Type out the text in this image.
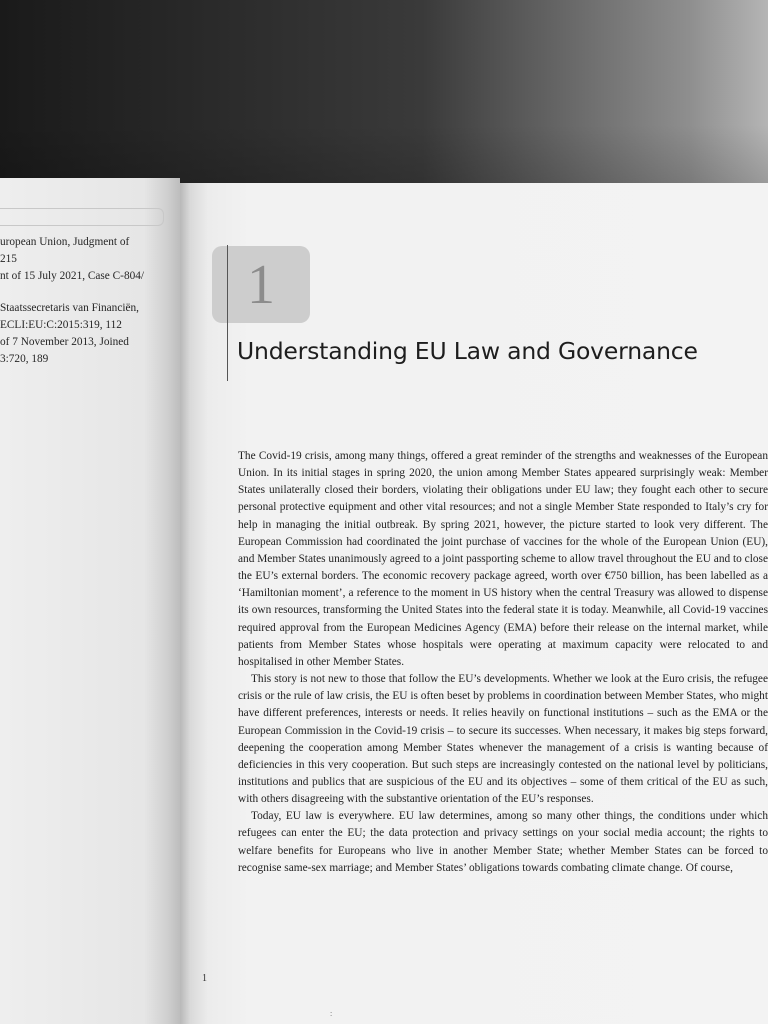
uropean Union, Judgment of
215
nt of 15 July 2021, Case C-804/
Staatssecretaris van Financiën,
ECLI:EU:C:2015:319, 112
of 7 November 2013, Joined
3:720, 189
1
Understanding EU Law and Governance

The Covid-19 crisis, among many things, offered a great reminder of the strengths and weaknesses of the European Union. In its initial stages in spring 2020, the union among Member States appeared surprisingly weak: Member States unilaterally closed their borders, violating their obligations under EU law; they fought each other to secure personal protective equipment and other vital resources; and not a single Member State responded to Italy’s cry for help in managing the initial outbreak. By spring 2021, however, the picture started to look very different. The European Commission had coordinated the joint purchase of vaccines for the whole of the European Union (EU), and Member States unanimously agreed to a joint passporting scheme to allow travel throughout the EU and to close the EU’s external borders. The economic recovery package agreed, worth over €750 billion, has been labelled as a ‘Hamiltonian moment’, a reference to the moment in US history when the central Treasury was allowed to dispense its own resources, transforming the United States into the federal state it is today. Meanwhile, all Covid-19 vaccines required approval from the European Medicines Agency (EMA) before their release on the internal market, while patients from Member States whose hospitals were operating at maximum capacity were relocated to and hospitalised in other Member States.

This story is not new to those that follow the EU’s developments. Whether we look at the Euro crisis, the refugee crisis or the rule of law crisis, the EU is often beset by problems in coordination between Member States, who might have different preferences, interests or needs. It relies heavily on functional institutions – such as the EMA or the European Commission in the Covid-19 crisis – to secure its successes. When necessary, it makes big steps forward, deepening the cooperation among Member States whenever the management of a crisis is wanting because of deficiencies in this very cooperation. But such steps are increasingly contested on the national level by politicians, institutions and publics that are suspicious of the EU and its objectives – some of them critical of the EU as such, with others disagreeing with the substantive orientation of the EU’s responses.

Today, EU law is everywhere. EU law determines, among so many other things, the conditions under which refugees can enter the EU; the data protection and privacy settings on your social media account; the rights to welfare benefits for Europeans who live in another Member State; whether Member States can be forced to recognise same-sex marriage; and Member States’ obligations towards combating climate change. Of course,

1
:
